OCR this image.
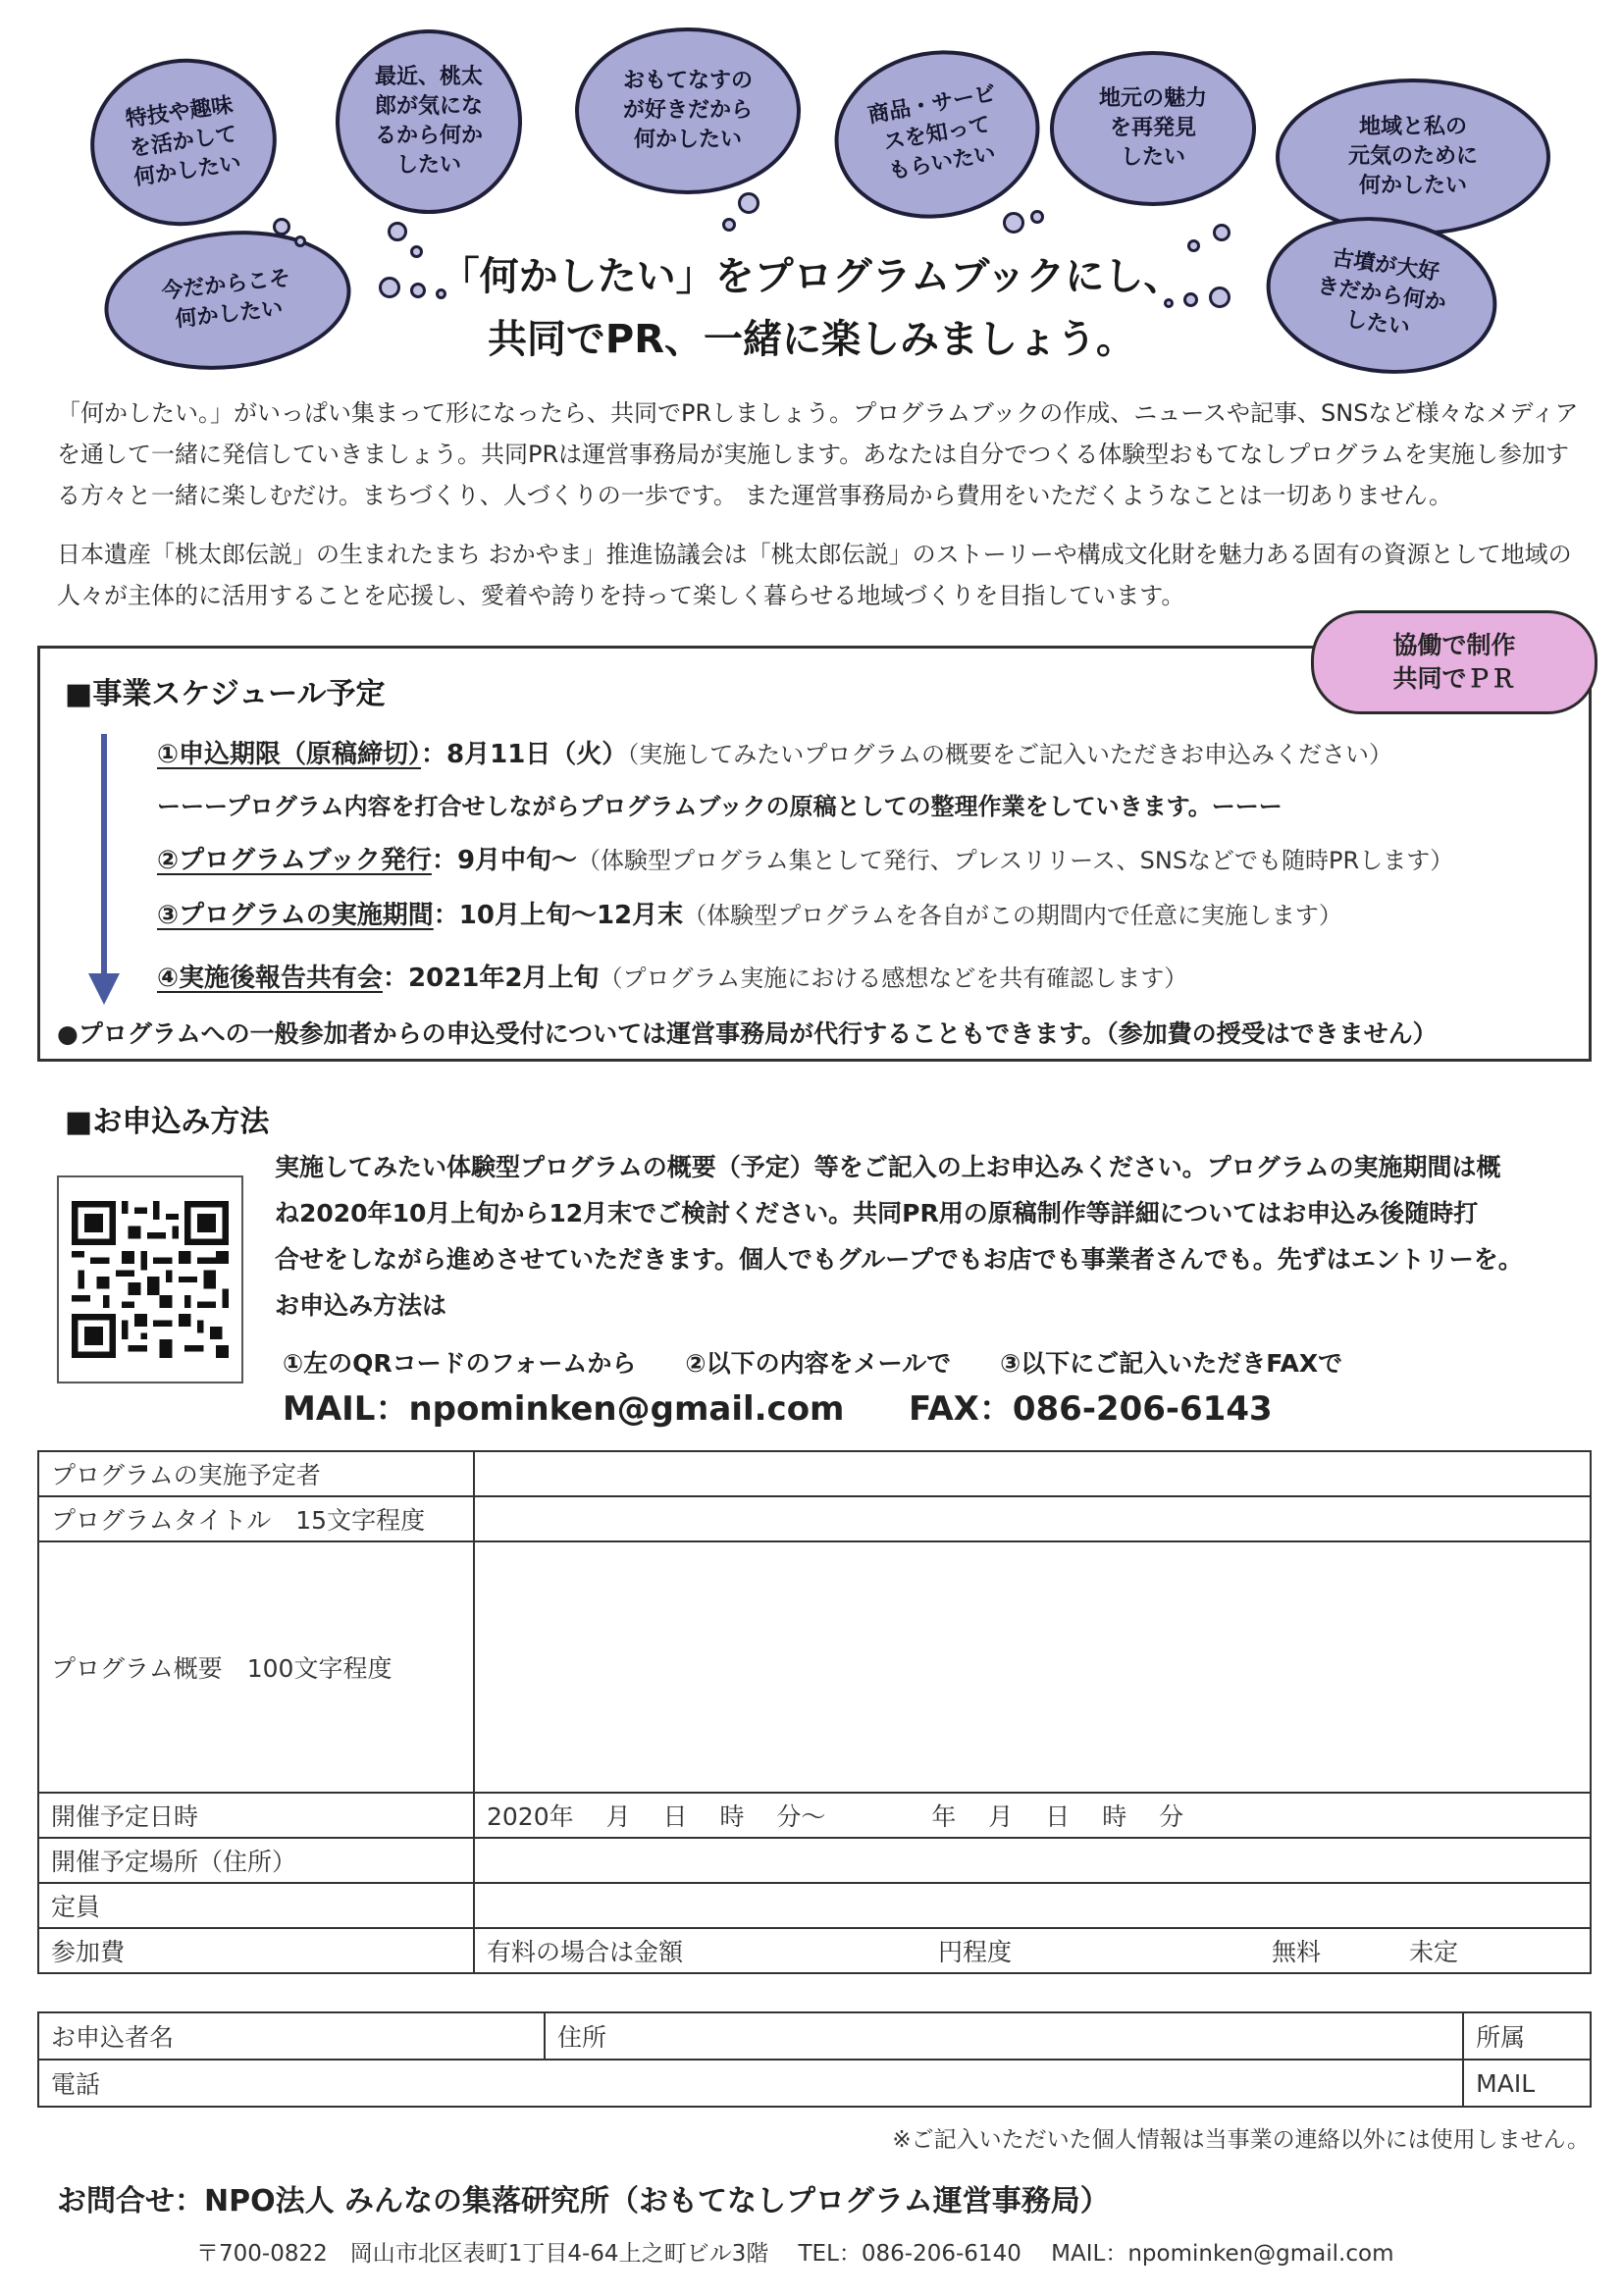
特技や趣味
を活かして
何かしたい
最近、桃太
郎が気にな
るから何か
したい
おもてなすの
が好きだから
何かしたい
商品・サービ
スを知って
もらいたい
地元の魅力
を再発見
したい
地域と私の
元気のために
何かしたい
今だからこそ
何かしたい
古墳が大好
きだから何か
したい
「何かしたい」をプログラムブックにし、
共同でPR、一緒に楽しみましょう。
「何かしたい。」がいっぱい集まって形になったら、共同でPRしましょう。プログラムブックの作成、ニュースや記事、SNSなど様々なメディアを通して一緒に発信していきましょう。共同PRは運営事務局が実施します。あなたは自分でつくる体験型おもてなしプログラムを実施し参加する方々と一緒に楽しむだけ。まちづくり、人づくりの一歩です。 また運営事務局から費用をいただくようなことは一切ありません。
日本遺産「桃太郎伝説」の生まれたまち おかやま」推進協議会は「桃太郎伝説」のストーリーや構成文化財を魅力ある固有の資源として地域の人々が主体的に活用することを応援し、愛着や誇りを持って楽しく暮らせる地域づくりを目指しています。
協働で制作
共同でＰＲ
■事業スケジュール予定
①申込期限（原稿締切）：8月11日（火）（実施してみたいプログラムの概要をご記入いただきお申込みください）
ーーープログラム内容を打合せしながらプログラムブックの原稿としての整理作業をしていきます。ーーー
②プログラムブック発行：9月中旬〜（体験型プログラム集として発行、プレスリリース、SNSなどでも随時PRします）
③プログラムの実施期間：10月上旬〜12月末（体験型プログラムを各自がこの期間内で任意に実施します）
④実施後報告共有会：2021年2月上旬（プログラム実施における感想などを共有確認します）
●プログラムへの一般参加者からの申込受付については運営事務局が代行することもできます。（参加費の授受はできません）
■お申込み方法
実施してみたい体験型プログラムの概要（予定）等をご記入の上お申込みください。プログラムの実施期間は概
ね2020年10月上旬から12月末でご検討ください。共同PR用の原稿制作等詳細についてはお申込み後随時打
合せをしながら進めさせていただきます。個人でもグループでもお店でも事業者さんでも。先ずはエントリーを。
お申込み方法は
①左のQRコードのフォームから　　②以下の内容をメールで　　③以下にご記入いただきFAXで
MAIL：npominken@gmail.com FAX：086-206-6143
プログラムの実施予定者	
プログラムタイトル　15文字程度	
プログラム概要　100文字程度	
開催予定日時	2020年　 月　 日　 時　 分〜　　　　 年　 月　 日　 時　 分
開催予定場所（住所）	
定員	
参加費	有料の場合は金額 円程度 無料 未定
お申込者名	住所	所属
電話		MAIL
※ご記入いただいた個人情報は当事業の連絡以外には使用しません。
お問合せ：NPO法人 みんなの集落研究所（おもてなしプログラム運営事務局）
〒700-0822　岡山市北区表町1丁目4-64上之町ビル3階　 TEL：086-206-6140　 MAIL：npominken@gmail.com
